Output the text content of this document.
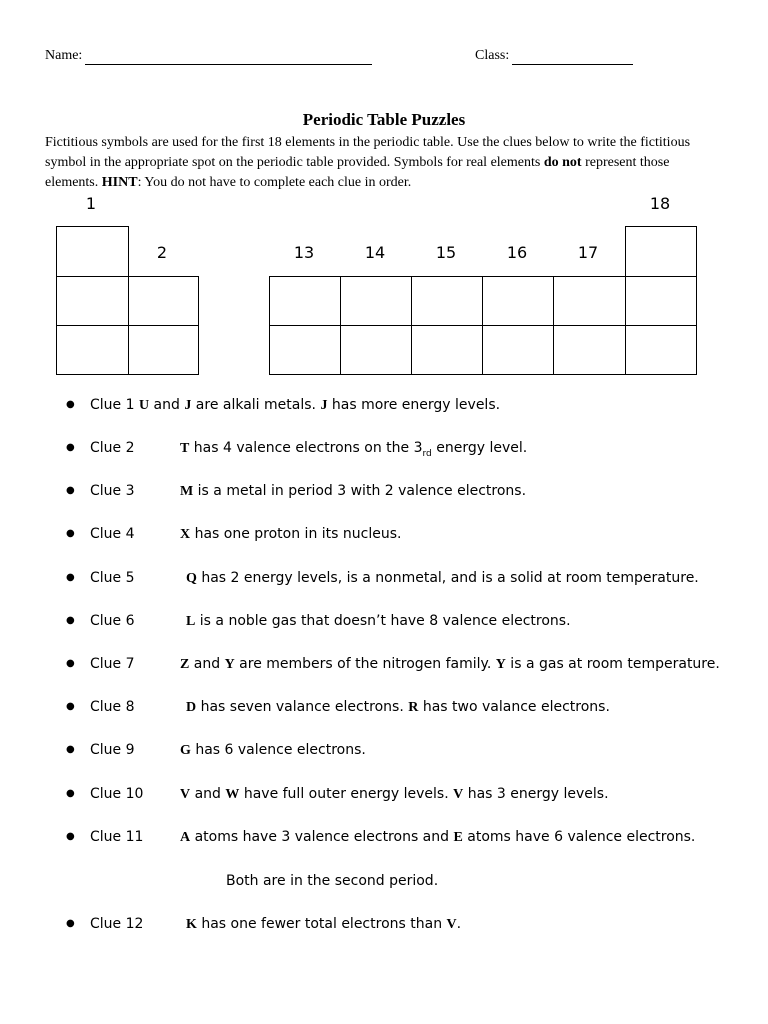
Name:	Class:
Periodic Table Puzzles
Fictitious symbols are used for the first 18 elements in the periodic table. Use the clues below to write the fictitious symbol in the appropriate spot on the periodic table provided. Symbols for real elements do not represent those elements. HINT: You do not have to complete each clue in order.
1
2	13	14	15	16	17
18
● Clue 1 U and J are alkali metals. J has more energy levels.
● Clue 2	T has 4 valence electrons on the $3_{rd}$ energy level.
● Clue 3	M is a metal in period 3 with 2 valence electrons.
● Clue 4	X has one proton in its nucleus.
● Clue 5	Q has 2 energy levels, is a nonmetal, and is a solid at room temperature.
● Clue 6	L is a noble gas that doesn’t have 8 valence electrons.
● Clue 7	Z and Y are members of the nitrogen family. Y is a gas at room temperature.
● Clue 8	D has seven valance electrons. R has two valance electrons.
● Clue 9	G has 6 valence electrons.
● Clue 10	V and W have full outer energy levels. V has 3 energy levels.
● Clue 11	A atoms have 3 valence electrons and E atoms have 6 valence electrons.
Both are in the second period.
● Clue 12	K has one fewer total electrons than V.
